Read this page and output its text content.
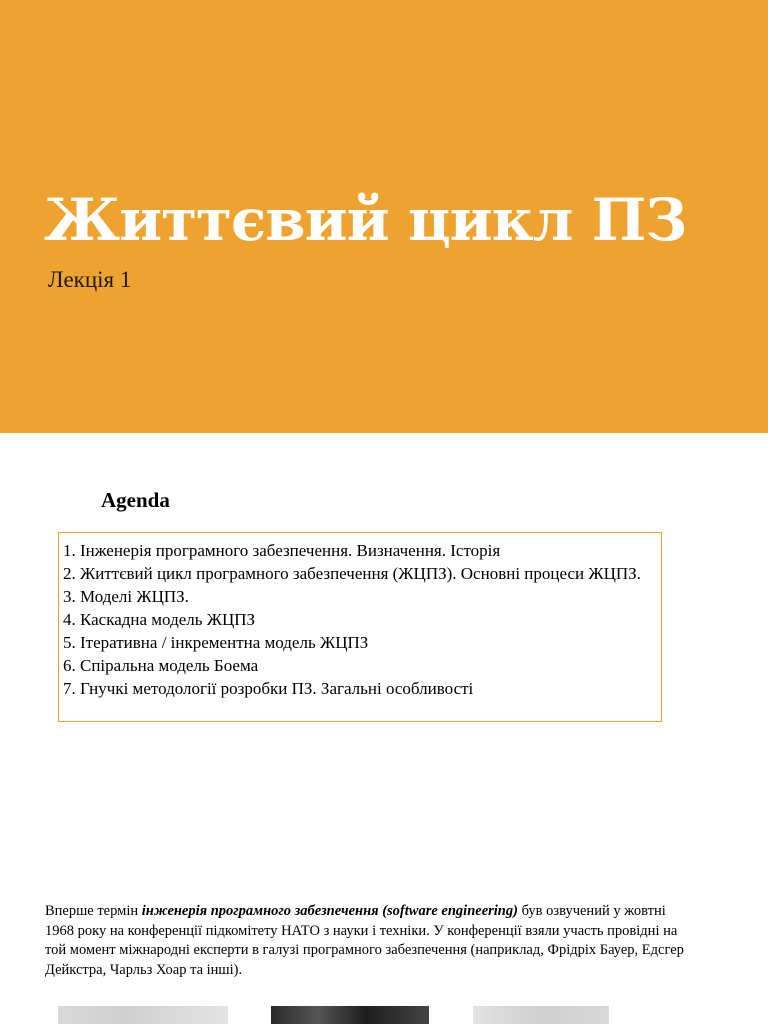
Життєвий цикл ПЗ
Лекція 1
Agenda
1. Інженерія програмного забезпечення. Визначення. Історія
2. Життєвий цикл програмного забезпечення (ЖЦПЗ). Основні процеси ЖЦПЗ.
3. Моделі ЖЦПЗ.
4. Каскадна модель ЖЦПЗ
5. Ітеративна / інкрементна модель ЖЦПЗ
6. Спіральна модель Боема
7. Гнучкі методології розробки ПЗ. Загальні особливості

Вперше термін інженерія програмного забезпечення (software engineering) був озвучений у жовтні 1968 року на конференції підкомітету НАТО з науки і техніки. У конференції взяли участь провідні на той момент міжнародні експерти в галузі програмного забезпечення (наприклад, Фрідріх Бауер, Едсгер Дейкстра, Чарльз Хоар та інші).
